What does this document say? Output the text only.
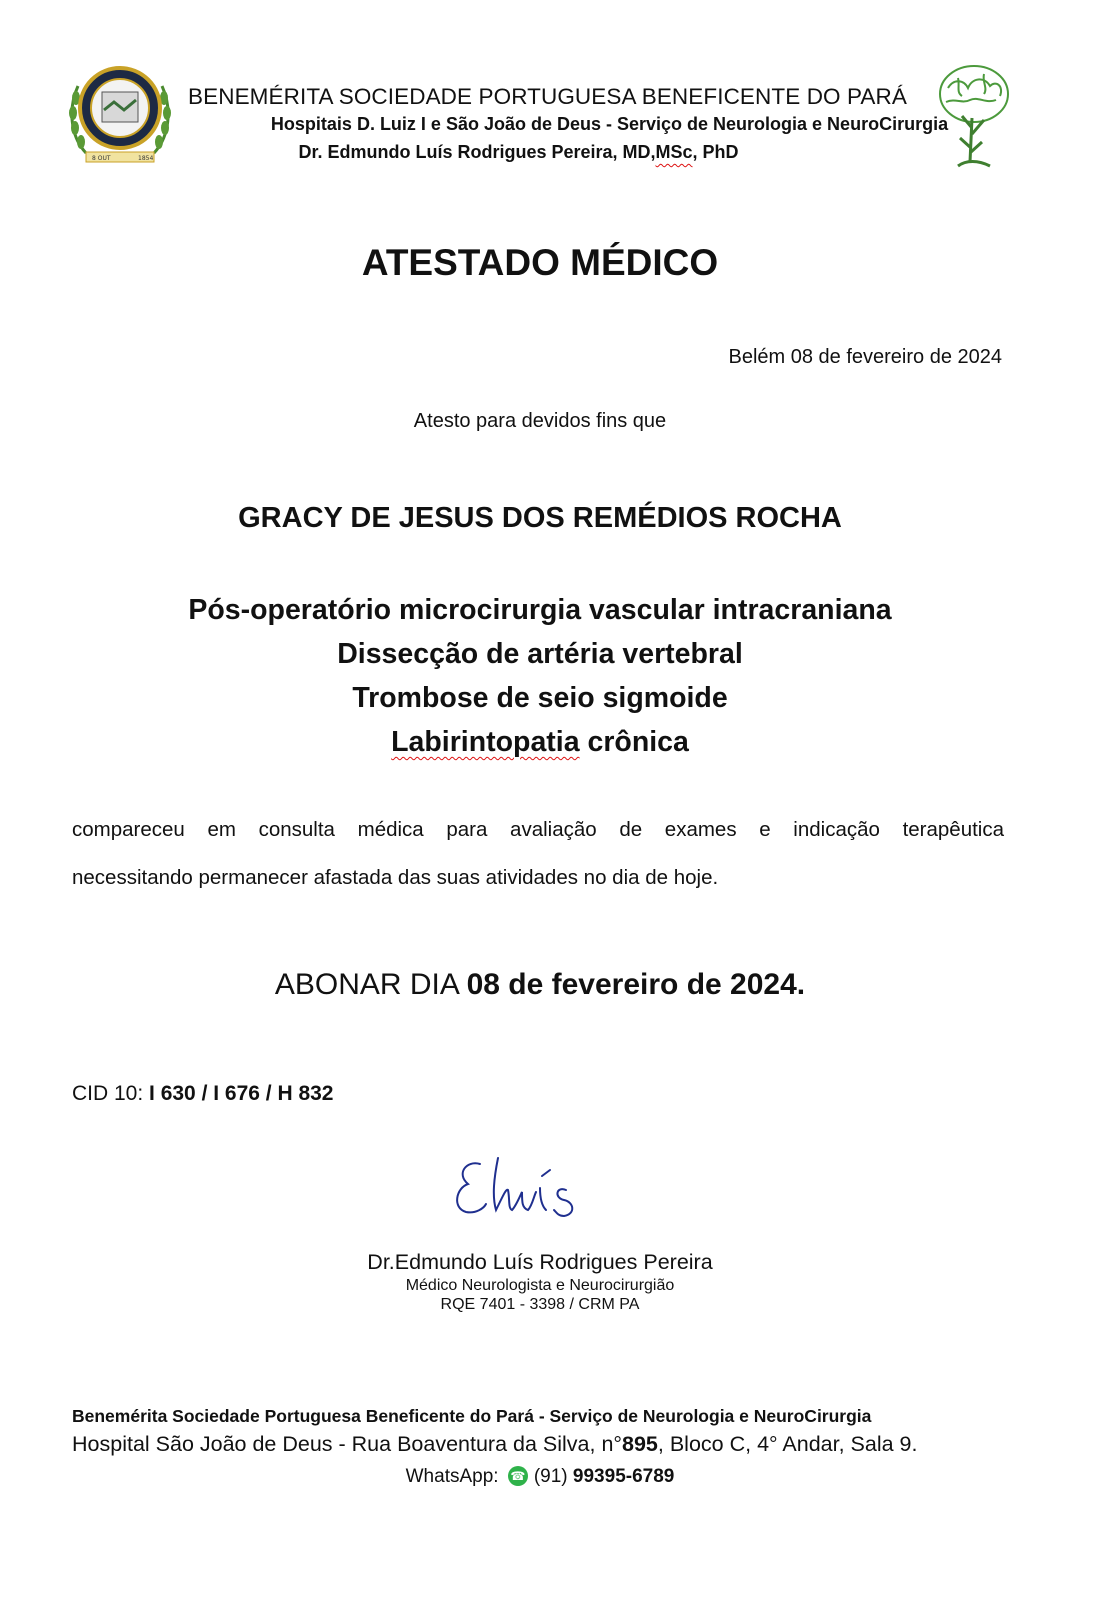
8 OUT	1854
BENEMÉRITA SOCIEDADE PORTUGUESA BENEFICENTE DO PARÁ
Hospitais D. Luiz I e São João de Deus - Serviço de Neurologia e NeuroCirurgia
Dr. Edmundo Luís Rodrigues Pereira, MD,MSc, PhD
ATESTADO MÉDICO
Belém 08 de fevereiro de 2024
Atesto para devidos fins que
GRACY DE JESUS DOS REMÉDIOS ROCHA
Pós-operatório microcirurgia vascular intracraniana
Dissecção de artéria vertebral
Trombose de seio sigmoide
Labirintopatia crônica
compareceu em consulta médica para avaliação de exames e indicação terapêutica
necessitando permanecer afastada das suas atividades no dia de hoje.
ABONAR DIA 08 de fevereiro de 2024.
CID 10: I 630 / I 676 / H 832
Dr.Edmundo Luís Rodrigues Pereira
Médico Neurologista e Neurocirurgião
RQE 7401 - 3398 / CRM PA
Benemérita Sociedade Portuguesa Beneficente do Pará - Serviço de Neurologia e NeuroCirurgia
Hospital São João de Deus - Rua Boaventura da Silva, n°895, Bloco C, 4° Andar, Sala 9.
WhatsApp: ☎ (91) 99395-6789
